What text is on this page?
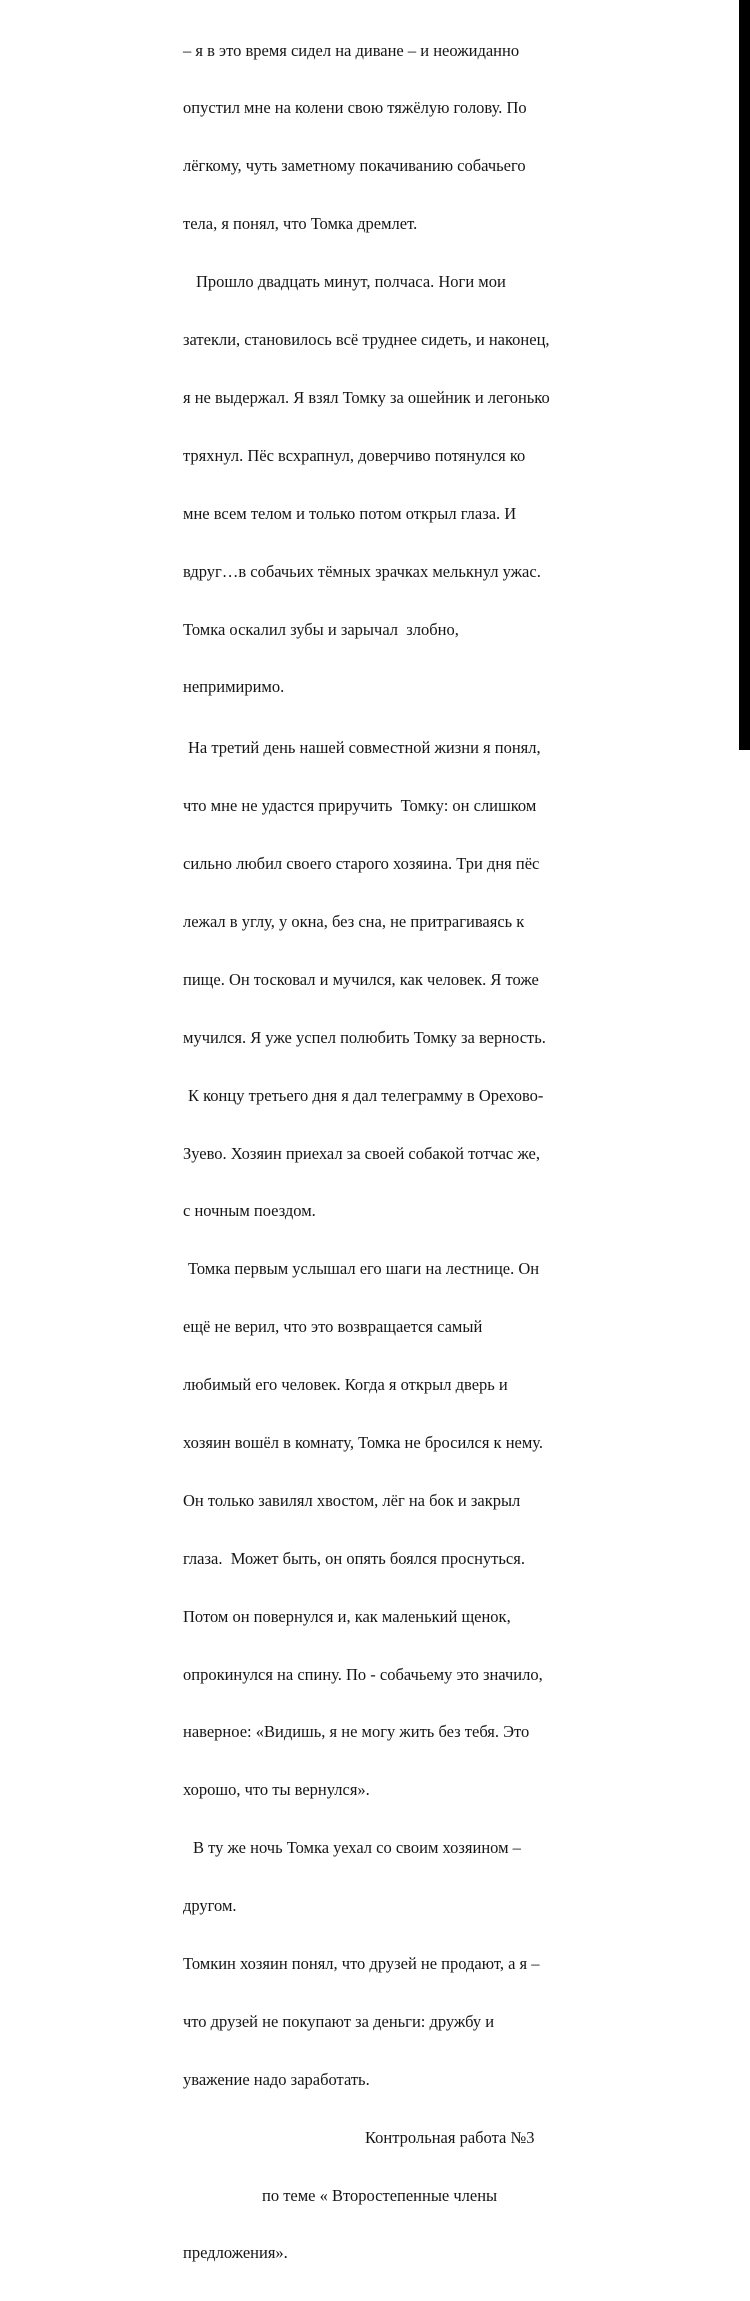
– я в это время сидел на диване – и неожиданно

опустил мне на колени свою тяжёлую голову. По

лёгкому, чуть заметному покачиванию собачьего

тела, я понял, что Томка дремлет.

Прошло двадцать минут, полчаса. Ноги мои

затекли, становилось всё труднее сидеть, и наконец,

я не выдержал. Я взял Томку за ошейник и легонько

тряхнул. Пёс всхрапнул, доверчиво потянулся ко

мне всем телом и только потом открыл глаза. И

вдруг…в собачьих тёмных зрачках мелькнул ужас.

Томка оскалил зубы и зарычал  злобно,

непримиримо.

На третий день нашей совместной жизни я понял,

что мне не удастся приручить  Томку: он слишком

сильно любил своего старого хозяина. Три дня пёс

лежал в углу, у окна, без сна, не притрагиваясь к

пище. Он тосковал и мучился, как человек. Я тоже

мучился. Я уже успел полюбить Томку за верность.

К концу третьего дня я дал телеграмму в Орехово-

Зуево. Хозяин приехал за своей собакой тотчас же,

с ночным поездом.

Томка первым услышал его шаги на лестнице. Он

ещё не верил, что это возвращается самый

любимый его человек. Когда я открыл дверь и

хозяин вошёл в комнату, Томка не бросился к нему.

Он только завилял хвостом, лёг на бок и закрыл

глаза.  Может быть, он опять боялся проснуться.

Потом он повернулся и, как маленький щенок,

опрокинулся на спину. По - собачьему это значило,

наверное: «Видишь, я не могу жить без тебя. Это

хорошо, что ты вернулся».

В ту же ночь Томка уехал со своим хозяином –

другом.

Томкин хозяин понял, что друзей не продают, а я –

что друзей не покупают за деньги: дружбу и

уважение надо заработать.

Контрольная работа №3

по теме « Второстепенные члены

предложения».
